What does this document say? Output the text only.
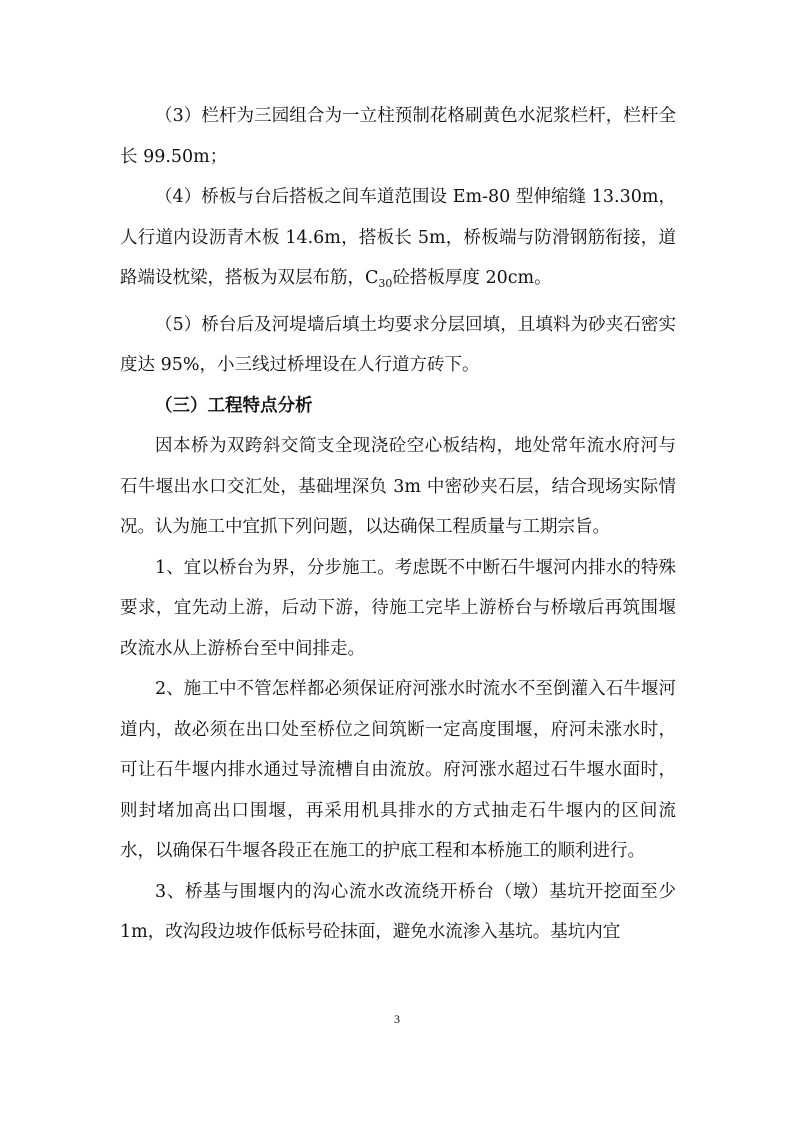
（3）栏杆为三园组合为一立柱预制花格刷黄色水泥浆栏杆，栏杆全长 99.50m；

（4）桥板与台后搭板之间车道范围设 Em-80 型伸缩缝 13.30m，人行道内设沥青木板 14.6m，搭板长 5m，桥板端与防滑钢筋衔接，道路端设枕梁，搭板为双层布筋，$C_{30}$砼搭板厚度 20cm。

（5）桥台后及河堤墙后填土均要求分层回填，且填料为砂夹石密实度达 95%，小三线过桥埋设在人行道方砖下。

（三）工程特点分析

因本桥为双跨斜交简支全现浇砼空心板结构，地处常年流水府河与石牛堰出水口交汇处，基础埋深负 3m 中密砂夹石层，结合现场实际情况。认为施工中宜抓下列问题，以达确保工程质量与工期宗旨。

1、宜以桥台为界，分步施工。考虑既不中断石牛堰河内排水的特殊要求，宜先动上游，后动下游，待施工完毕上游桥台与桥墩后再筑围堰改流水从上游桥台至中间排走。

2、施工中不管怎样都必须保证府河涨水时流水不至倒灌入石牛堰河道内，故必须在出口处至桥位之间筑断一定高度围堰，府河未涨水时，可让石牛堰内排水通过导流槽自由流放。府河涨水超过石牛堰水面时，则封堵加高出口围堰，再采用机具排水的方式抽走石牛堰内的区间流水，以确保石牛堰各段正在施工的护底工程和本桥施工的顺利进行。

3、桥基与围堰内的沟心流水改流绕开桥台（墩）基坑开挖面至少 1m，改沟段边坡作低标号砼抹面，避免水流渗入基坑。基坑内宜

3
